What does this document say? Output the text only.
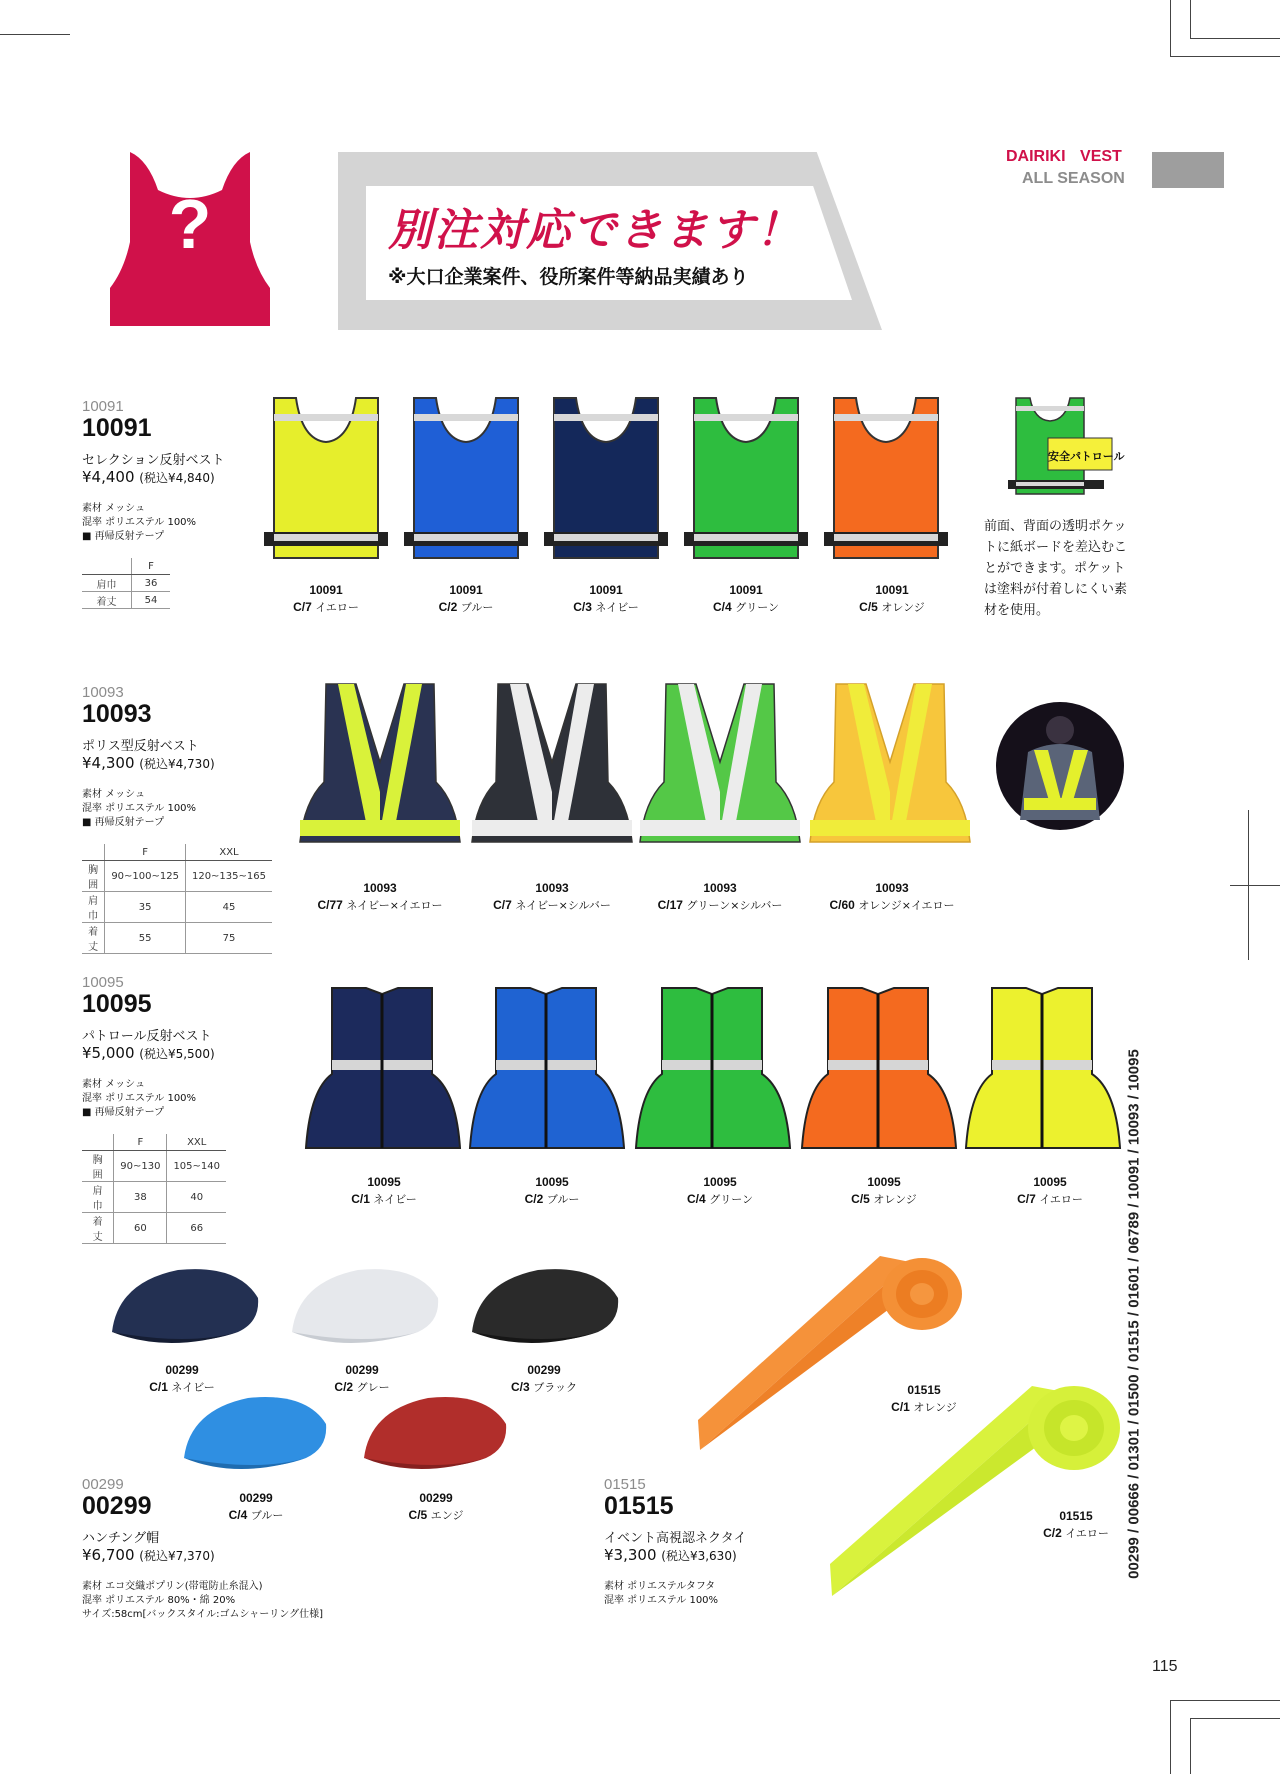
?	別注対応できます！
※大口企業案件、役所案件等納品実績あり
DAIRIKI VEST
ALL SEASON
10091
10091
セレクション反射ベスト
¥4,400 (税込¥4,840)
素材 メッシュ
混率 ポリエステル 100%
■ 再帰反射テープ
	F
肩巾	36
着丈	54
安全パトロール
前面、背面の透明ポケッ
トに紙ボードを差込むこ
とができます。ポケット
は塗料が付着しにくい素
材を使用。
10091
C/7 イエロー
10091
C/2 ブルー
10091
C/3 ネイビー
10091
C/4 グリーン
10091
C/5 オレンジ
10093
10093
ポリス型反射ベスト
¥4,300 (税込¥4,730)
素材 メッシュ
混率 ポリエステル 100%
■ 再帰反射テープ
	F	XXL
胸囲	90~100~125	120~135~165
肩巾	35	45
着丈	55	75
10093
C/77 ネイビー×イエロー
10093
C/7 ネイビー×シルバー
10093
C/17 グリーン×シルバー
10093
C/60 オレンジ×イエロー
10095
10095
パトロール反射ベスト
¥5,000 (税込¥5,500)
素材 メッシュ
混率 ポリエステル 100%
■ 再帰反射テープ
	F	XXL
胸囲	90~130	105~140
肩巾	38	40
着丈	60	66
10095
C/1 ネイビー
10095
C/2 ブルー
10095
C/4 グリーン
10095
C/5 オレンジ
10095
C/7 イエロー
00299
C/1 ネイビー
00299
C/2 グレー
00299
C/3 ブラック
00299
C/4 ブルー
00299
C/5 エンジ
00299
00299
ハンチング帽
¥6,700 (税込¥7,370)
素材 エコ交織ポプリン(帯電防止糸混入)
混率 ポリエステル 80%・綿 20%
サイズ:58cm[バックスタイル:ゴムシャーリング仕様]
01515
C/1 オレンジ
01515
C/2 イエロー
01515
01515
イベント高視認ネクタイ
¥3,300 (税込¥3,630)
素材 ポリエステルタフタ
混率 ポリエステル 100%
00299 / 00666 / 01301 / 01500 / 01515 / 01601 / 06789 / 10091 / 10093 / 10095
115
